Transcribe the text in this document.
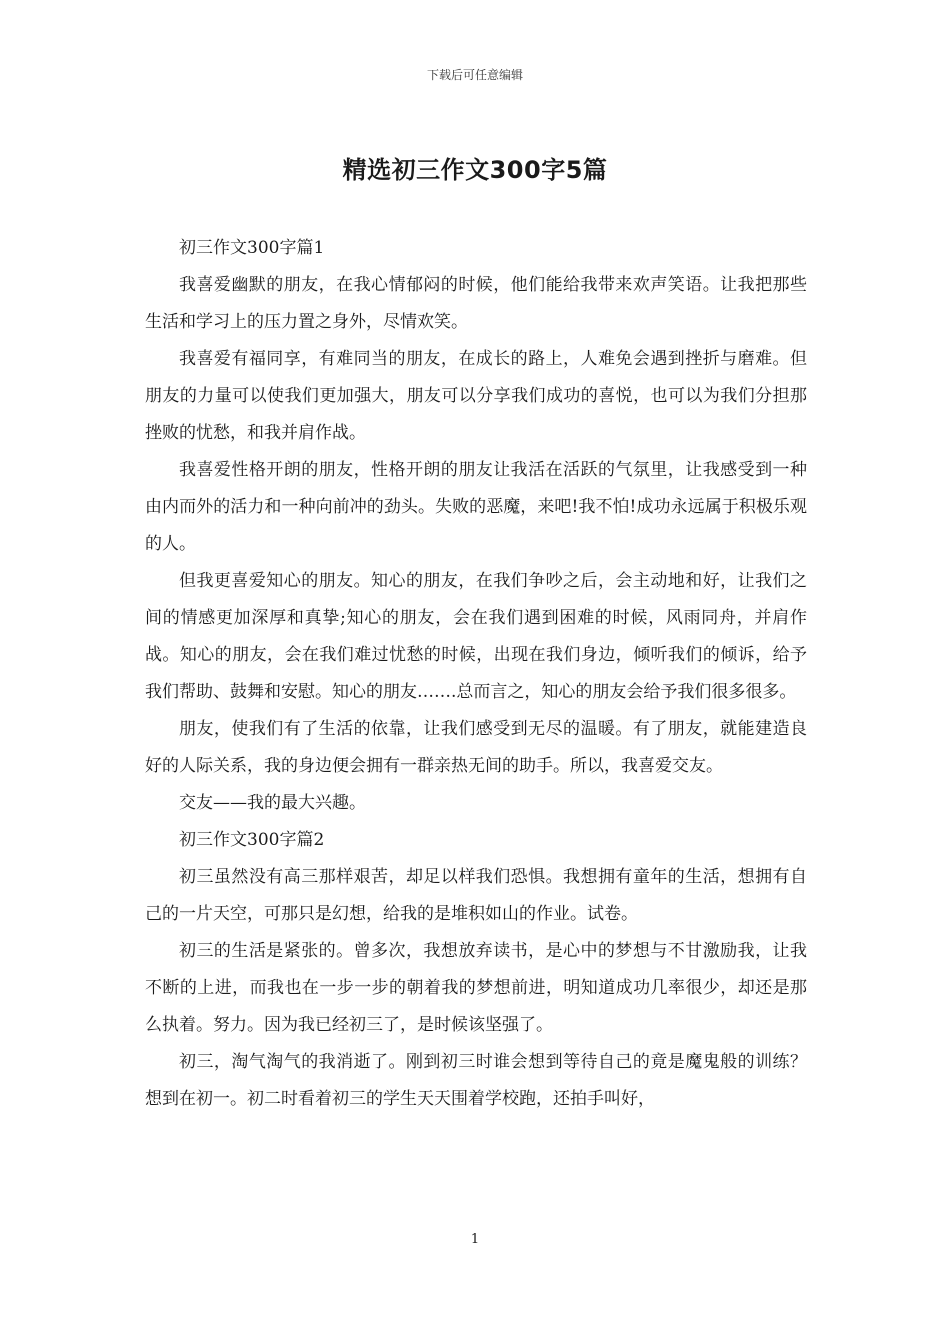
下载后可任意编辑
精选初三作文300字5篇

初三作文300字篇1

我喜爱幽默的朋友，在我心情郁闷的时候，他们能给我带来欢声笑语。让我把那些生活和学习上的压力置之身外，尽情欢笑。

我喜爱有福同享，有难同当的朋友，在成长的路上，人难免会遇到挫折与磨难。但朋友的力量可以使我们更加强大，朋友可以分享我们成功的喜悦，也可以为我们分担那挫败的忧愁，和我并肩作战。

我喜爱性格开朗的朋友，性格开朗的朋友让我活在活跃的气氛里，让我感受到一种由内而外的活力和一种向前冲的劲头。失败的恶魔，来吧!我不怕!成功永远属于积极乐观的人。

但我更喜爱知心的朋友。知心的朋友，在我们争吵之后，会主动地和好，让我们之间的情感更加深厚和真挚;知心的朋友，会在我们遇到困难的时候，风雨同舟，并肩作战。知心的朋友，会在我们难过忧愁的时候，出现在我们身边，倾听我们的倾诉，给予我们帮助、鼓舞和安慰。知心的朋友…….总而言之，知心的朋友会给予我们很多很多。

朋友，使我们有了生活的依靠，让我们感受到无尽的温暖。有了朋友，就能建造良好的人际关系，我的身边便会拥有一群亲热无间的助手。所以，我喜爱交友。

交友——我的最大兴趣。

初三作文300字篇2

初三虽然没有高三那样艰苦，却足以样我们恐惧。我想拥有童年的生活，想拥有自己的一片天空，可那只是幻想，给我的是堆积如山的作业。试卷。

初三的生活是紧张的。曾多次，我想放弃读书，是心中的梦想与不甘激励我，让我不断的上进，而我也在一步一步的朝着我的梦想前进，明知道成功几率很少，却还是那么执着。努力。因为我已经初三了，是时候该坚强了。

初三，淘气淘气的我消逝了。刚到初三时谁会想到等待自己的竟是魔鬼般的训练？想到在初一。初二时看着初三的学生天天围着学校跑，还拍手叫好，

1
